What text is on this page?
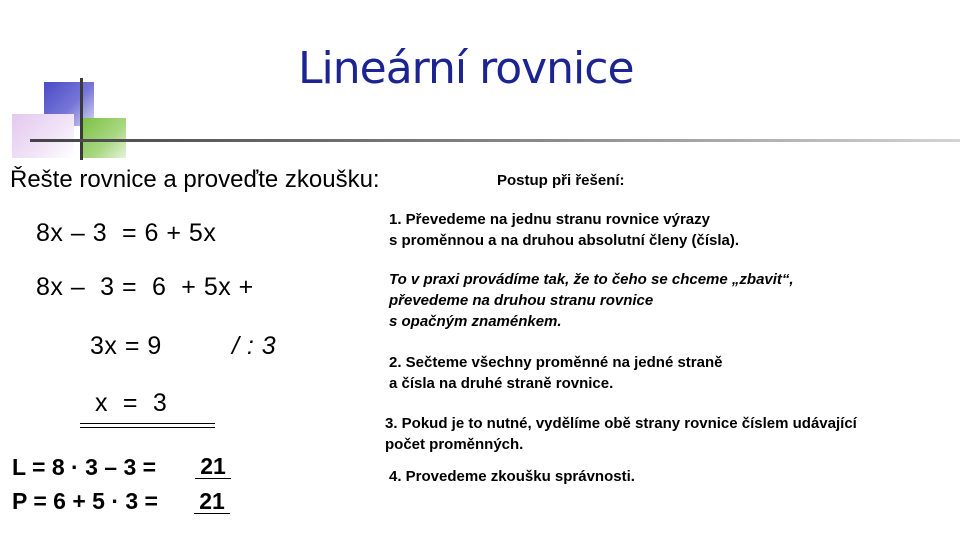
Lineární rovnice
Řešte rovnice a proveďte zkoušku:
8x – 3  = 6 + 5x
8x –  3 =  6  + 5x +
3x = 9	/ : 3
x  =  3
L = 8 · 3 – 3 = 21
P = 6 + 5 · 3 = 21
Postup při řešení:
1. Převedeme na jednu stranu rovnice výrazy
s proměnnou a na druhou absolutní členy (čísla).
To v praxi provádíme tak, že to čeho se chceme „zbavit“,
převedeme na druhou stranu rovnice
s opačným znaménkem.
2. Sečteme všechny proměnné na jedné straně
a čísla na druhé straně rovnice.
3. Pokud je to nutné, vydělíme obě strany rovnice číslem udávající
počet proměnných.
4. Provedeme zkoušku správnosti.
